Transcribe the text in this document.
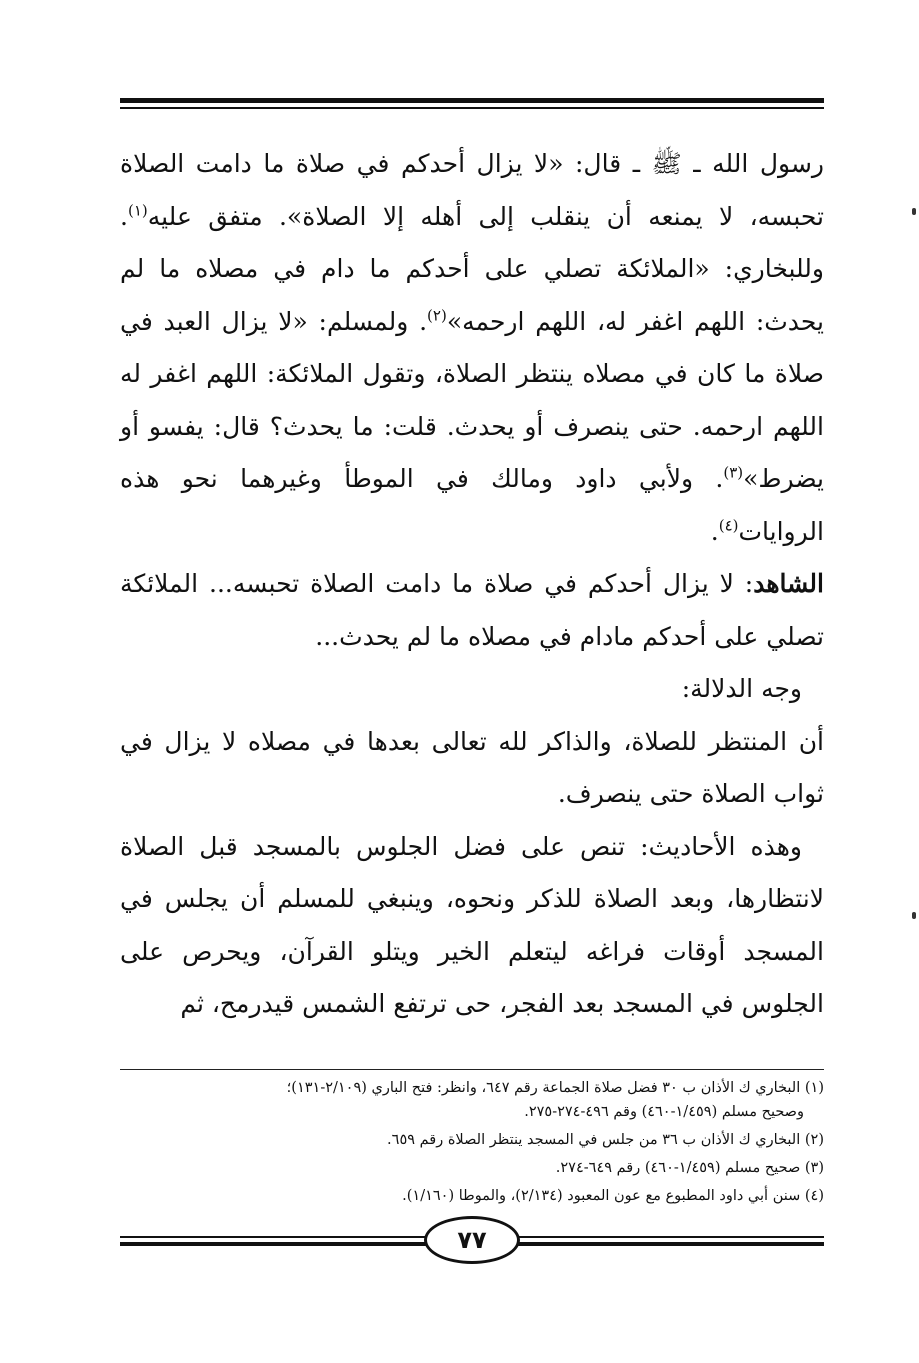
رسول الله ـ ﷺ ـ قال: «لا يزال أحدكم في صلاة ما دامت الصلاة تحبسه، لا يمنعه أن ينقلب إلى أهله إلا الصلاة». متفق عليه$^{(١)}$. وللبخاري: «الملائكة تصلي على أحدكم ما دام في مصلاه ما لم يحدث: اللهم اغفر له، اللهم ارحمه»$^{(٢)}$. ولمسلم: «لا يزال العبد في صلاة ما كان في مصلاه ينتظر الصلاة، وتقول الملائكة: اللهم اغفر له اللهم ارحمه. حتى ينصرف أو يحدث. قلت: ما يحدث؟ قال: يفسو أو يضرط»$^{(٣)}$. ولأبي داود ومالك في الموطأ وغيرهما نحو هذه الروايات$^{(٤)}$.

الشاهد: لا يزال أحدكم في صلاة ما دامت الصلاة تحبسه... الملائكة تصلي على أحدكم مادام في مصلاه ما لم يحدث...

وجه الدلالة:

أن المنتظر للصلاة، والذاكر لله تعالى بعدها في مصلاه لا يزال في ثواب الصلاة حتى ينصرف.

وهذه الأحاديث: تنص على فضل الجلوس بالمسجد قبل الصلاة لانتظارها، وبعد الصلاة للذكر ونحوه، وينبغي للمسلم أن يجلس في المسجد أوقات فراغه ليتعلم الخير ويتلو القرآن، ويحرص على الجلوس في المسجد بعد الفجر، حى ترتفع الشمس قيدرمح، ثم

(١) البخاري ك الأذان ب ٣٠ فضل صلاة الجماعة رقم ٦٤٧، وانظر: فتح الباري (٢/١٠٩-١٣١)؛

وصحيح مسلم (١/٤٥٩-٤٦٠) وقم ٤٩٦-٢٧٤-٢٧٥.

(٢) البخاري ك الأذان ب ٣٦ من جلس في المسجد ينتظر الصلاة رقم ٦٥٩.

(٣) صحيح مسلم (١/٤٥٩-٤٦٠) رقم ٦٤٩-٢٧٤.

(٤) سنن أبي داود المطبوع مع عون المعبود (٢/١٣٤)، والموطا (١/١٦٠).

٧٧
